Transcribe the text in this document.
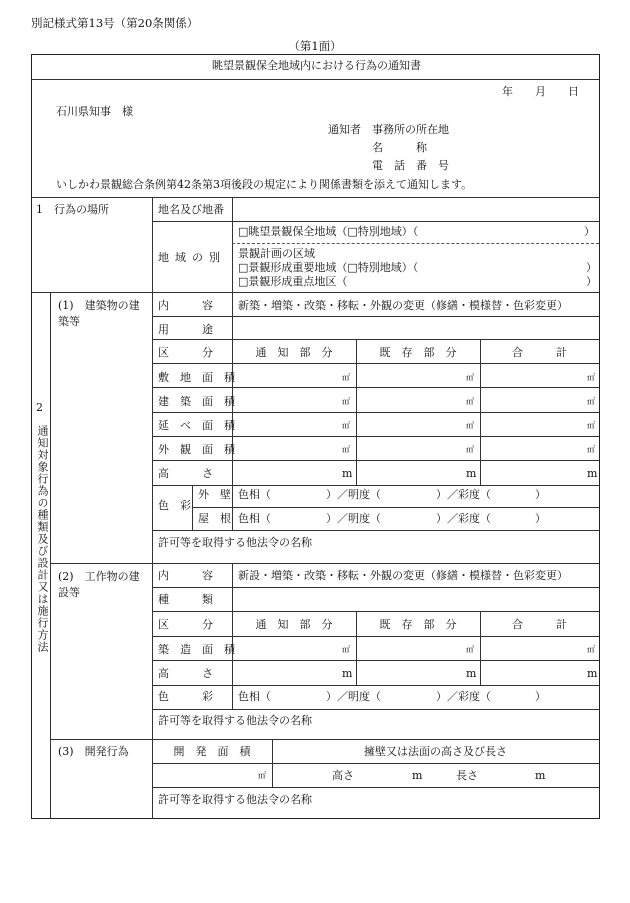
別記様式第13号（第20条関係）
（第1面）
眺望景観保全地域内における行為の通知書
年　　月　　日
石川県知事　様
通知者 事務所の所在地
名　　　称
電　話　番　号
いしかわ景観総合条例第42条第3項後段の規定により関係書類を添えて通知します。
1　行為の場所	地名及び地番
地域の別
□眺望景観保全地域（□特別地域）（	）
景観計画の区域
□景観形成重要地域（□特別地域）（	）
□景観形成重点地区（	）
2
通知対象行為の種類及び設計又は施行方法
(1)　建築物の建築等
内　　　容 新築・増築・改築・移転・外観の変更（修繕・模様替・色彩変更）
用　　　途
区　　　分	通　知　部　分	既　存　部　分	合　　　計
敷　地　面　積	㎡	㎡	㎡
建　築　面　積	㎡	㎡	㎡
延　べ　面　積	㎡	㎡	㎡
外　観　面　積	㎡	㎡	㎡
高　　　さ	m	m	m
色　彩
外　壁 色相（　　　　　）／明度（　　　　　）／彩度（　　　　）
屋　根 色相（　　　　　）／明度（　　　　　）／彩度（　　　　）
許可等を取得する他法令の名称
(2)　工作物の建設等
内　　　容 新設・増築・改築・移転・外観の変更（修繕・模様替・色彩変更）
種　　　類
区　　　分	通　知　部　分	既　存　部　分	合　　　計
築　造　面　積	㎡	㎡	㎡
高　　　さ	m	m	m
色　　　彩 色相（　　　　　）／明度（　　　　　）／彩度（　　　　）
許可等を取得する他法令の名称
(3)　開発行為	開　発　面　積	擁壁又は法面の高さ及び長さ
㎡	高さ	m	長さ	m
許可等を取得する他法令の名称
